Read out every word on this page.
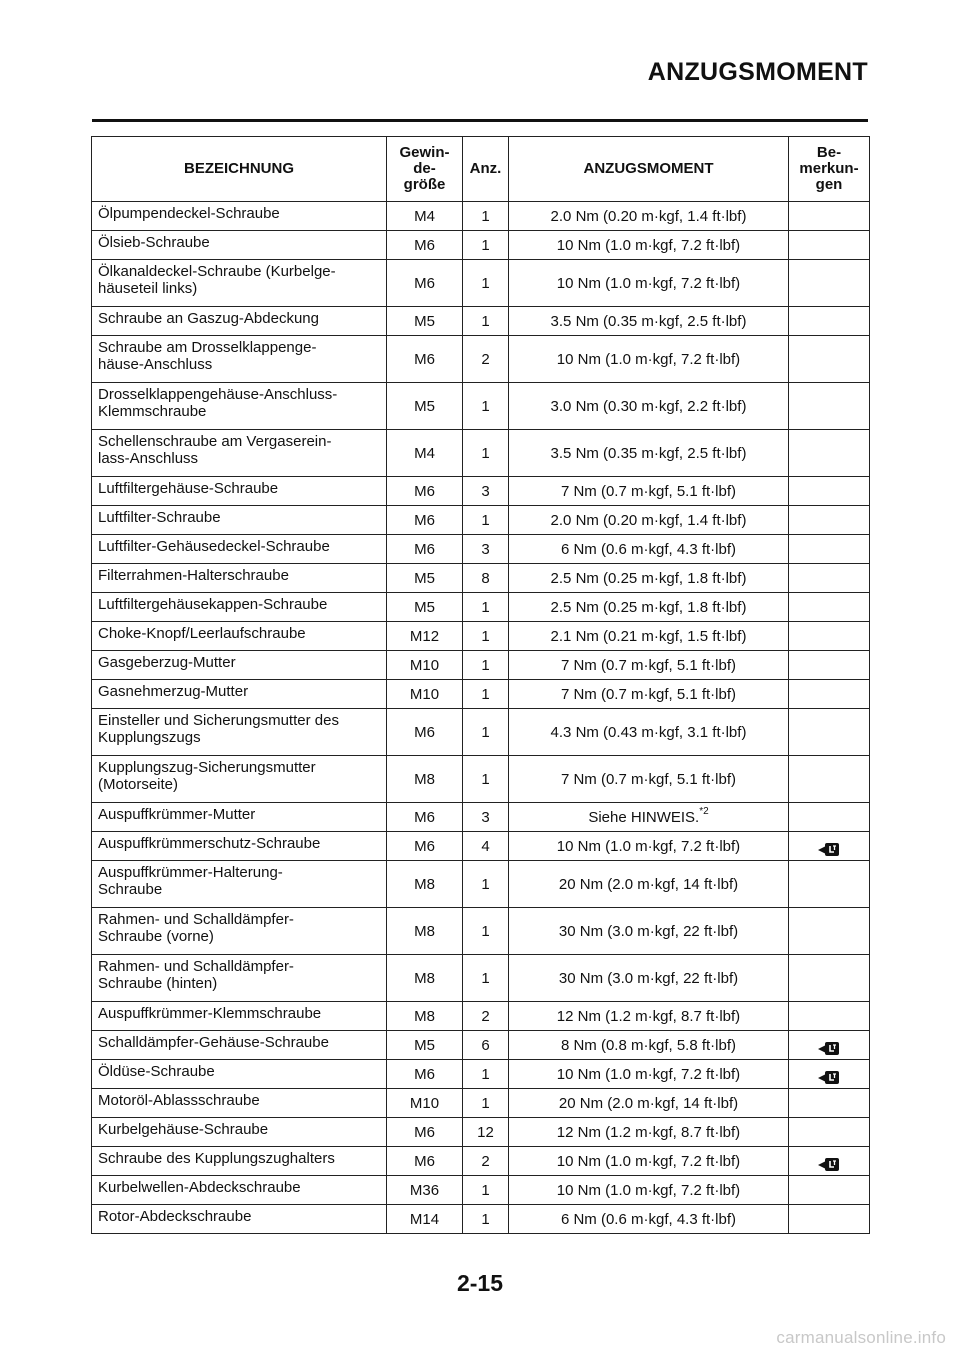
ANZUGSMOMENT
BEZEICHNUNG	Gewin-
de-
größe	Anz.	ANZUGSMOMENT	Be-
merkun-
gen
Ölpumpendeckel-Schraube	M4	1	2.0 Nm (0.20 m·kgf, 1.4 ft·lbf)	
Ölsieb-Schraube	M6	1	10 Nm (1.0 m·kgf, 7.2 ft·lbf)	
Ölkanaldeckel-Schraube (Kurbelge-
häuseteil links)	M6	1	10 Nm (1.0 m·kgf, 7.2 ft·lbf)	
Schraube an Gaszug-Abdeckung	M5	1	3.5 Nm (0.35 m·kgf, 2.5 ft·lbf)	
Schraube am Drosselklappenge-
häuse-Anschluss	M6	2	10 Nm (1.0 m·kgf, 7.2 ft·lbf)	
Drosselklappengehäuse-Anschluss-
Klemmschraube	M5	1	3.0 Nm (0.30 m·kgf, 2.2 ft·lbf)	
Schellenschraube am Vergaserein-
lass-Anschluss	M4	1	3.5 Nm (0.35 m·kgf, 2.5 ft·lbf)	
Luftfiltergehäuse-Schraube	M6	3	7 Nm (0.7 m·kgf, 5.1 ft·lbf)	
Luftfilter-Schraube	M6	1	2.0 Nm (0.20 m·kgf, 1.4 ft·lbf)	
Luftfilter-Gehäusedeckel-Schraube	M6	3	6 Nm (0.6 m·kgf, 4.3 ft·lbf)	
Filterrahmen-Halterschraube	M5	8	2.5 Nm (0.25 m·kgf, 1.8 ft·lbf)	
Luftfiltergehäusekappen-Schraube	M5	1	2.5 Nm (0.25 m·kgf, 1.8 ft·lbf)	
Choke-Knopf/Leerlaufschraube	M12	1	2.1 Nm (0.21 m·kgf, 1.5 ft·lbf)	
Gasgeberzug-Mutter	M10	1	7 Nm (0.7 m·kgf, 5.1 ft·lbf)	
Gasnehmerzug-Mutter	M10	1	7 Nm (0.7 m·kgf, 5.1 ft·lbf)	
Einsteller und Sicherungsmutter des
Kupplungszugs	M6	1	4.3 Nm (0.43 m·kgf, 3.1 ft·lbf)	
Kupplungszug-Sicherungsmutter
(Motorseite)	M8	1	7 Nm (0.7 m·kgf, 5.1 ft·lbf)	
Auspuffkrümmer-Mutter	M6	3	Siehe HINWEIS.$^{*2}$	
Auspuffkrümmerschutz-Schraube	M6	4	10 Nm (1.0 m·kgf, 7.2 ft·lbf)	
Auspuffkrümmer-Halterung-
Schraube	M8	1	20 Nm (2.0 m·kgf, 14 ft·lbf)	
Rahmen- und Schalldämpfer-
Schraube (vorne)	M8	1	30 Nm (3.0 m·kgf, 22 ft·lbf)	
Rahmen- und Schalldämpfer-
Schraube (hinten)	M8	1	30 Nm (3.0 m·kgf, 22 ft·lbf)	
Auspuffkrümmer-Klemmschraube	M8	2	12 Nm (1.2 m·kgf, 8.7 ft·lbf)	
Schalldämpfer-Gehäuse-Schraube	M5	6	8 Nm (0.8 m·kgf, 5.8 ft·lbf)	
Öldüse-Schraube	M6	1	10 Nm (1.0 m·kgf, 7.2 ft·lbf)	
Motoröl-Ablassschraube	M10	1	20 Nm (2.0 m·kgf, 14 ft·lbf)	
Kurbelgehäuse-Schraube	M6	12	12 Nm (1.2 m·kgf, 8.7 ft·lbf)	
Schraube des Kupplungszughalters	M6	2	10 Nm (1.0 m·kgf, 7.2 ft·lbf)	
Kurbelwellen-Abdeckschraube	M36	1	10 Nm (1.0 m·kgf, 7.2 ft·lbf)	
Rotor-Abdeckschraube	M14	1	6 Nm (0.6 m·kgf, 4.3 ft·lbf)	
2-15
carmanualsonline.info
